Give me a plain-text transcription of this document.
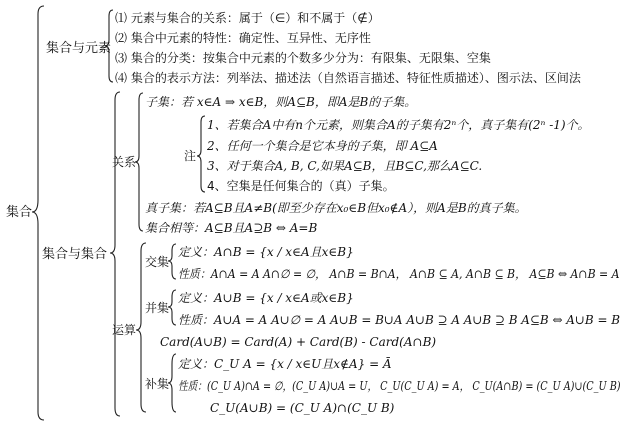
集合
集合与元素
⑴ 元素与集合的关系：属于（∈）和不属于（∉）
⑵ 集合中元素的特性：确定性、互异性、无序性
⑶ 集合的分类：按集合中元素的个数多少分为：有限集、无限集、空集
⑷ 集合的表示方法：列举法、描述法（自然语言描述、特征性质描述）、图示法、区间法
集合与集合
关系
子集：若 x∈A ⇒ x∈B，则A⊆B，即A是B的子集。
注
1、若集合A中有n个元素，则集合A的子集有2ⁿ个，真子集有(2ⁿ -1)个。
2、任何一个集合是它本身的子集，即 A⊆A
3、对于集合A, B, C,如果A⊆B，且B⊆C,那么A⊆C.
4、空集是任何集合的（真）子集。
真子集：若A⊆B且A≠B(即至少存在x₀∈B但x₀∉A），则A是B的真子集。
集合相等：A⊆B且A⊇B ⇔ A=B
运算
交集
定义：A∩B = {x / x∈A且x∈B}
性质：A∩A = A A∩∅ = ∅， A∩B = B∩A， A∩B ⊆ A, A∩B ⊆ B， A⊆B ⇔ A∩B = A
并集
定义：A∪B = {x / x∈A或x∈B}
性质：A∪A = A A∪∅ = A A∪B = B∪A A∪B ⊇ A A∪B ⊇ B A⊆B ⇔ A∪B = B
Card(A∪B) = Card(A) + Card(B) - Card(A∩B)
补集
定义：C_U A = {x / x∈U且x∉A} = Ā
性质：(C_U A)∩A = ∅，(C_U A)∪A = U， C_U(C_U A) = A， C_U(A∩B) = (C_U A)∪(C_U B)
C_U(A∪B) = (C_U A)∩(C_U B)
